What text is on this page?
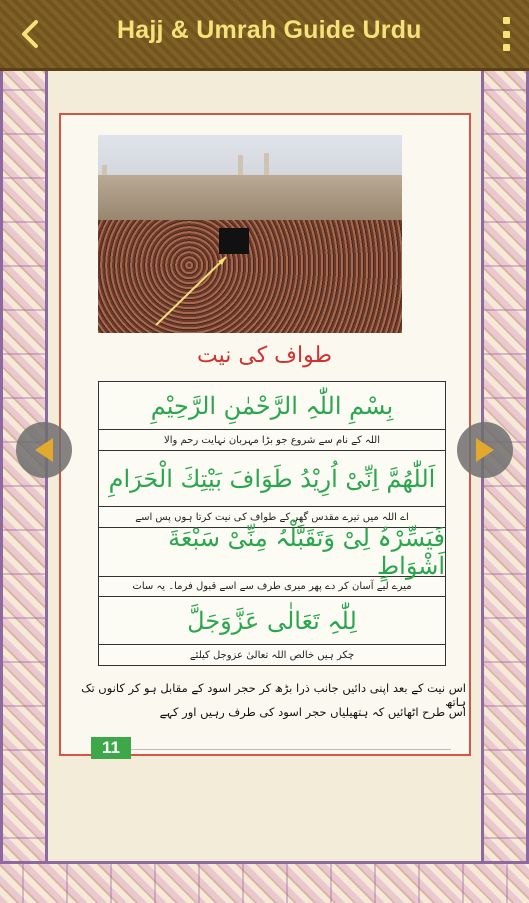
Hajj & Umrah Guide Urdu
طواف کی نیت
بِسْمِ اللّٰہِ الرَّحْمٰنِ الرَّحِیْمِ
اللہ کے نام سے شروع جو بڑا مہربان نہایت رحم والا
اَللّٰھُمَّ اِنِّیْ اُرِیْدُ طَوَافَ بَیْتِكَ الْحَرَامِ
اے اللہ میں تیرے مقدس گھر کے طواف کی نیت کرتا ہوں پس اسے
فَیَسِّرْہُ لِیْ وَتَقَبَّلْہُ مِنِّیْ سَبْعَةَ اَشْوَاطٍ
میرے لیے آسان کر دے پھر میری طرف سے اسے قبول فرما۔ یہ سات
لِلّٰہِ تَعَالٰی عَزَّوَجَلَّ
چکر ہیں خالص اللہ تعالیٰ عزوجل کیلئے
اس نیت کے بعد اپنی دائیں جانب ذرا بڑھ کر حجر اسود کے مقابل ہو کر کانوں تک ہاتھ
اس طرح اٹھائیں کہ ہتھیلیاں حجر اسود کی طرف رہیں اور کہے
11
